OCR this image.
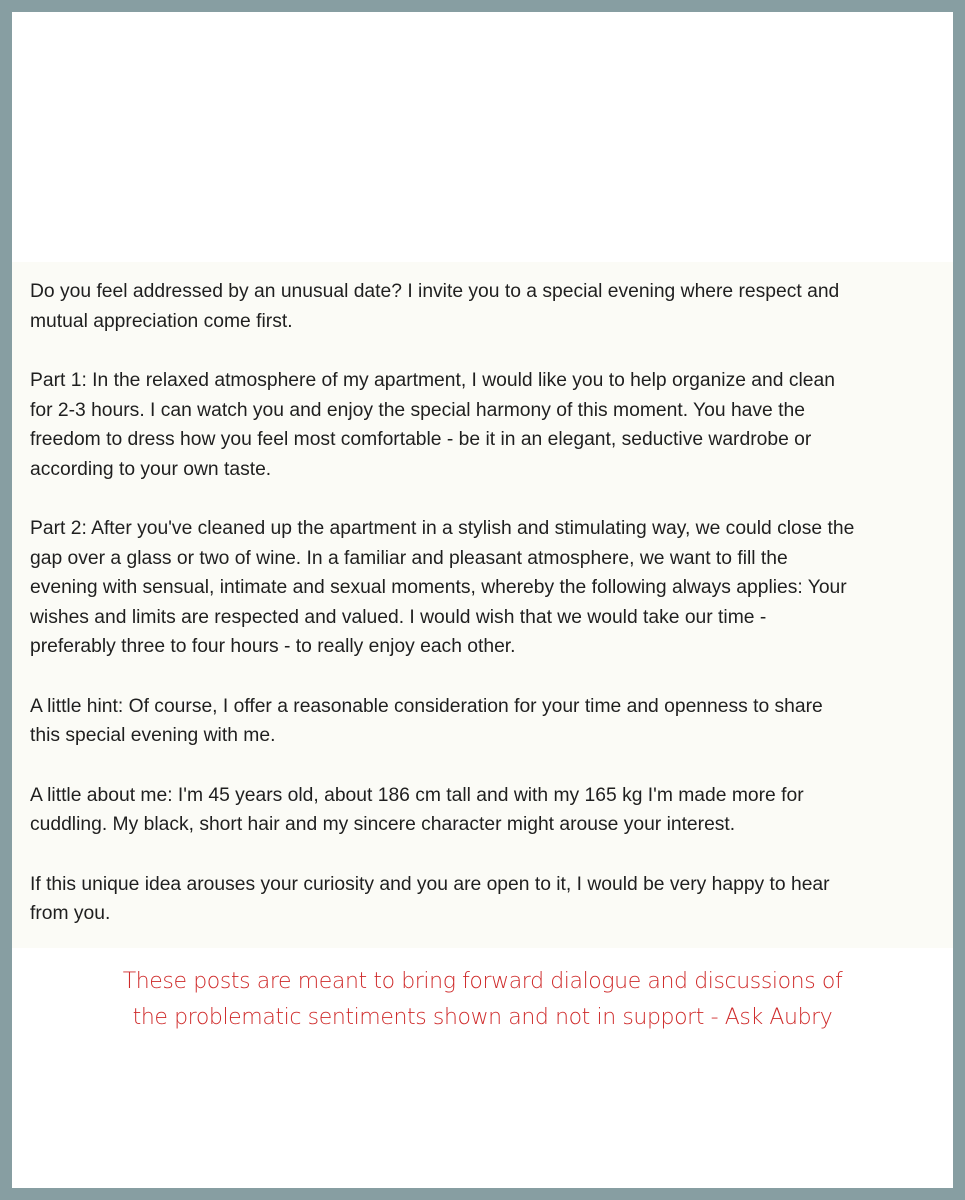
Do you feel addressed by an unusual date? I invite you to a special evening where respect and
mutual appreciation come first.

Part 1: In the relaxed atmosphere of my apartment, I would like you to help organize and clean
for 2-3 hours. I can watch you and enjoy the special harmony of this moment. You have the
freedom to dress how you feel most comfortable - be it in an elegant, seductive wardrobe or
according to your own taste.

Part 2: After you've cleaned up the apartment in a stylish and stimulating way, we could close the
gap over a glass or two of wine. In a familiar and pleasant atmosphere, we want to fill the
evening with sensual, intimate and sexual moments, whereby the following always applies: Your
wishes and limits are respected and valued. I would wish that we would take our time -
preferably three to four hours - to really enjoy each other.

A little hint: Of course, I offer a reasonable consideration for your time and openness to share
this special evening with me.

A little about me: I'm 45 years old, about 186 cm tall and with my 165 kg I'm made more for
cuddling. My black, short hair and my sincere character might arouse your interest.

If this unique idea arouses your curiosity and you are open to it, I would be very happy to hear
from you.

These posts are meant to bring forward dialogue and discussions of
the problematic sentiments shown and not in support - Ask Aubry
